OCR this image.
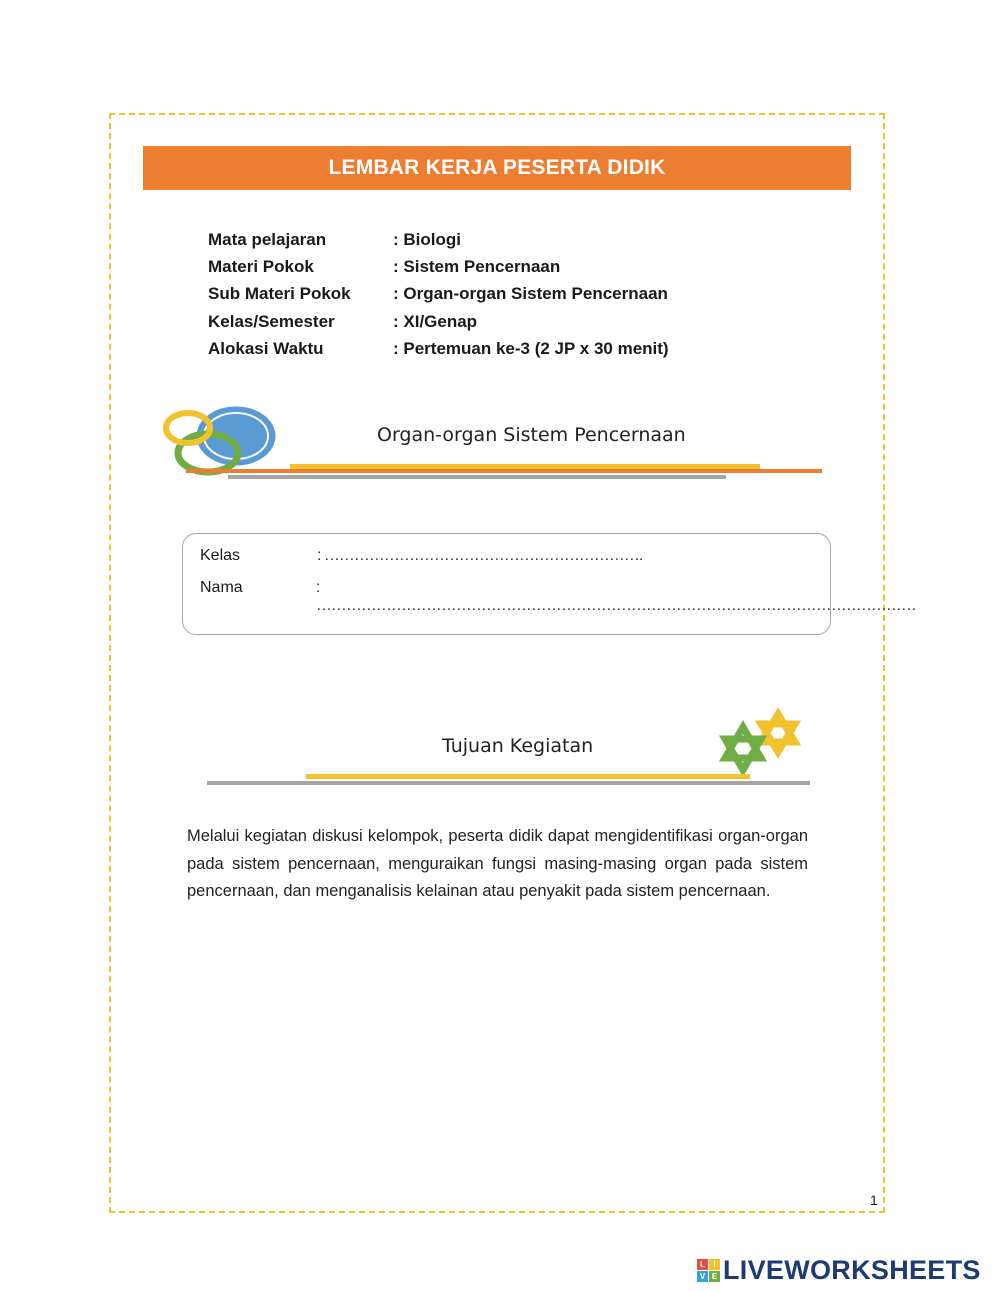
LEMBAR KERJA PESERTA DIDIK
Mata pelajaran	: Biologi
Materi Pokok	: Sistem Pencernaan
Sub Materi Pokok	: Organ-organ Sistem Pencernaan
Kelas/Semester	: XI/Genap
Alokasi Waktu	: Pertemuan ke-3 (2 JP x 30 menit)
Organ-organ Sistem Pencernaan
Kelas	: ……………………………………………………….
Nama	: …………………………………………………………………………………………………………
Tujuan Kegiatan
Melalui kegiatan diskusi kelompok, peserta didik dapat mengidentifikasi organ-organ pada sistem pencernaan, menguraikan fungsi masing-masing organ pada sistem pencernaan, dan menganalisis kelainan atau penyakit pada sistem pencernaan.
1
L	I
V E LIVEWORKSHEETS
